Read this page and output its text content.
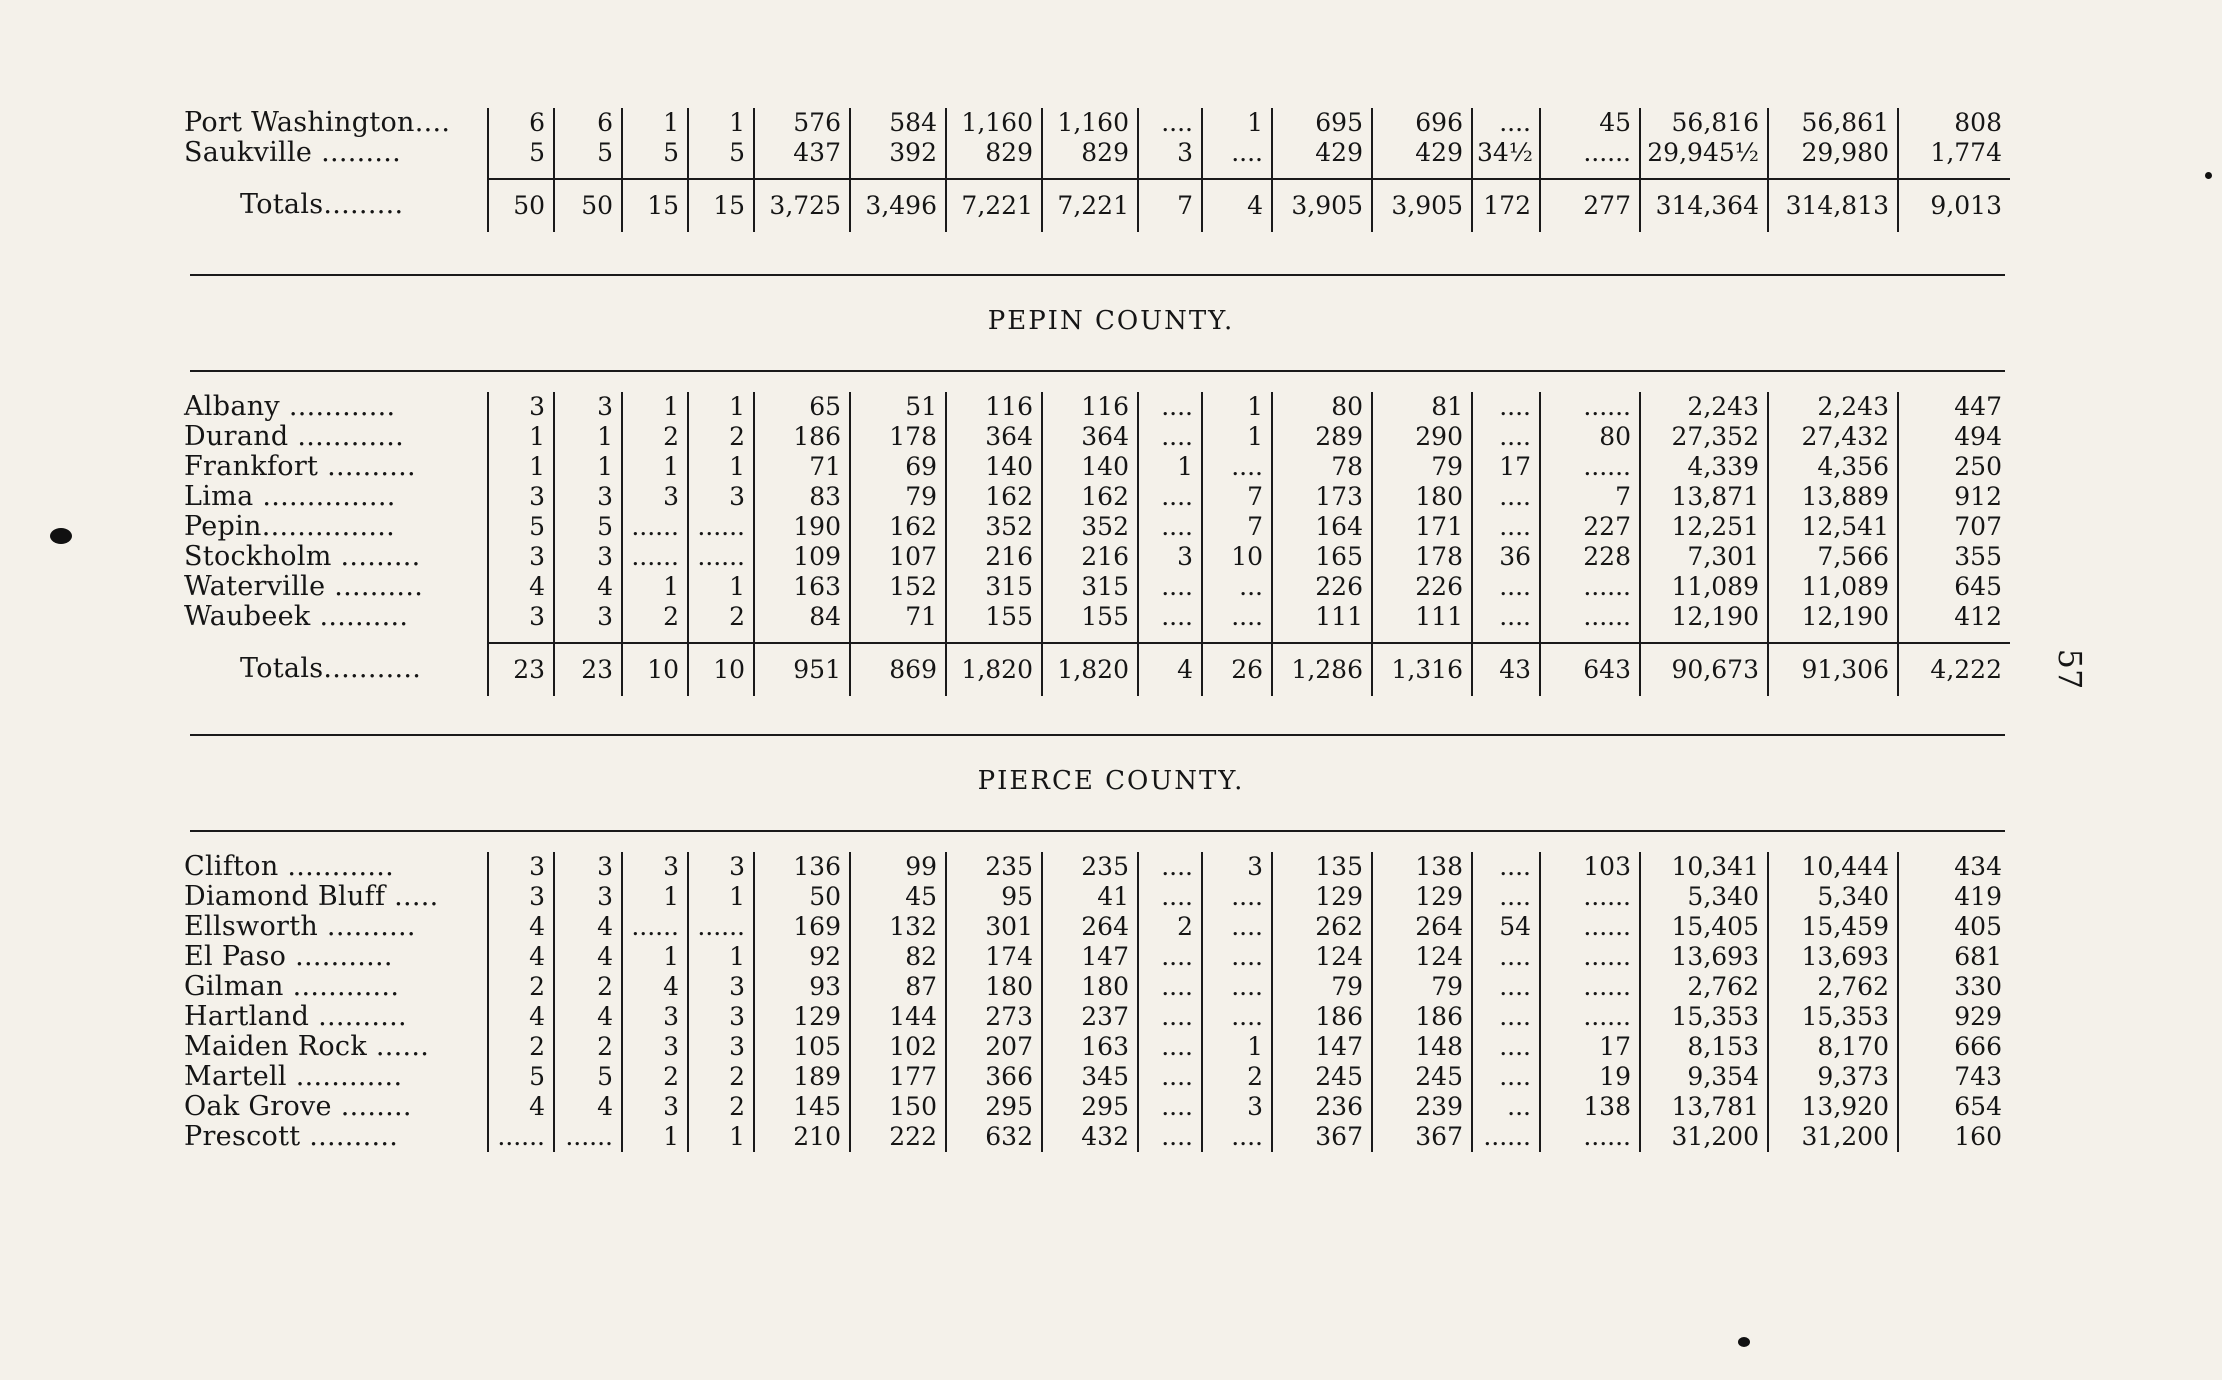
Port Washington....	6	6	1	1	576	584	1,160	1,160	....	1	695	696	....	45	56,816	56,861	808
Saukville .........	5	5	5	5	437	392	829	829	3	....	429	429	34½	......	29,945½	29,980	1,774

Totals.........	50	50	15	15	3,725	3,496	7,221	7,221	7	4	3,905	3,905	172	277	314,364	314,813	9,013
PEPIN COUNTY.
Albany ............	3	3	1	1	65	51	116	116	....	1	80	81	....	......	2,243	2,243	447
Durand ............	1	1	2	2	186	178	364	364	....	1	289	290	....	80	27,352	27,432	494
Frankfort ..........	1	1	1	1	71	69	140	140	1	....	78	79	17	......	4,339	4,356	250
Lima ...............	3	3	3	3	83	79	162	162	....	7	173	180	....	7	13,871	13,889	912
Pepin...............	5	5	......	......	190	162	352	352	....	7	164	171	....	227	12,251	12,541	707
Stockholm .........	3	3	......	......	109	107	216	216	3	10	165	178	36	228	7,301	7,566	355
Waterville ..........	4	4	1	1	163	152	315	315	....	...	226	226	....	......	11,089	11,089	645
Waubeek ..........	3	3	2	2	84	71	155	155	....	....	111	111	....	......	12,190	12,190	412

Totals...........	23	23	10	10	951	869	1,820	1,820	4	26	1,286	1,316	43	643	90,673	91,306	4,222
PIERCE COUNTY.
Clifton ............	3	3	3	3	136	99	235	235	....	3	135	138	....	103	10,341	10,444	434
Diamond Bluff .....	3	3	1	1	50	45	95	41	....	....	129	129	....	......	5,340	5,340	419
Ellsworth ..........	4	4	......	......	169	132	301	264	2	....	262	264	54	......	15,405	15,459	405
El Paso ...........	4	4	1	1	92	82	174	147	....	....	124	124	....	......	13,693	13,693	681
Gilman ............	2	2	4	3	93	87	180	180	....	....	79	79	....	......	2,762	2,762	330
Hartland ..........	4	4	3	3	129	144	273	237	....	....	186	186	....	......	15,353	15,353	929
Maiden Rock ......	2	2	3	3	105	102	207	163	....	1	147	148	....	17	8,153	8,170	666
Martell ............	5	5	2	2	189	177	366	345	....	2	245	245	....	19	9,354	9,373	743
Oak Grove ........	4	4	3	2	145	150	295	295	....	3	236	239	...	138	13,781	13,920	654
Prescott ..........	......	......	1	1	210	222	632	432	....	....	367	367	......	......	31,200	31,200	160
57
